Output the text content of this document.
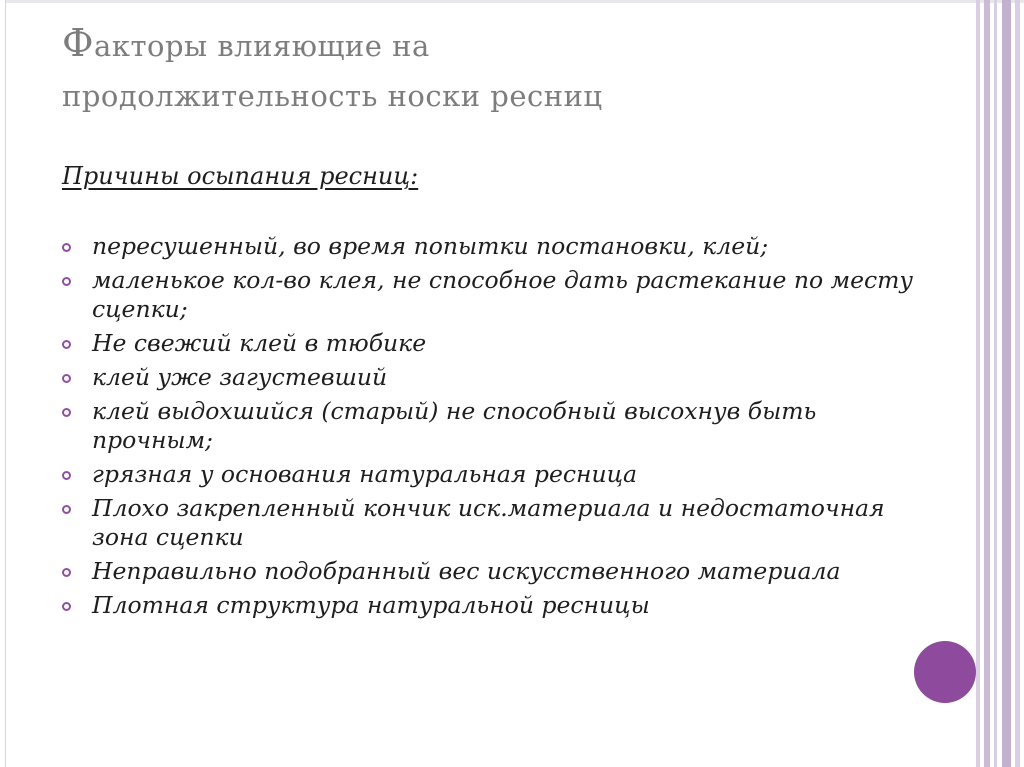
Факторы влияющие на
продолжительность носки ресниц

Причины осыпания ресниц:

пересушенный, во время попытки постановки, клей;
маленькое кол-во клея, не способное дать растекание по месту сцепки;
Не свежий клей в тюбике
клей уже загустевший
клей выдохшийся (старый) не способный высохнув быть прочным;
грязная у основания натуральная ресница
Плохо закрепленный кончик иск.материала и недостаточная зона сцепки
Неправильно подобранный вес искусственного материала
Плотная структура натуральной ресницы
